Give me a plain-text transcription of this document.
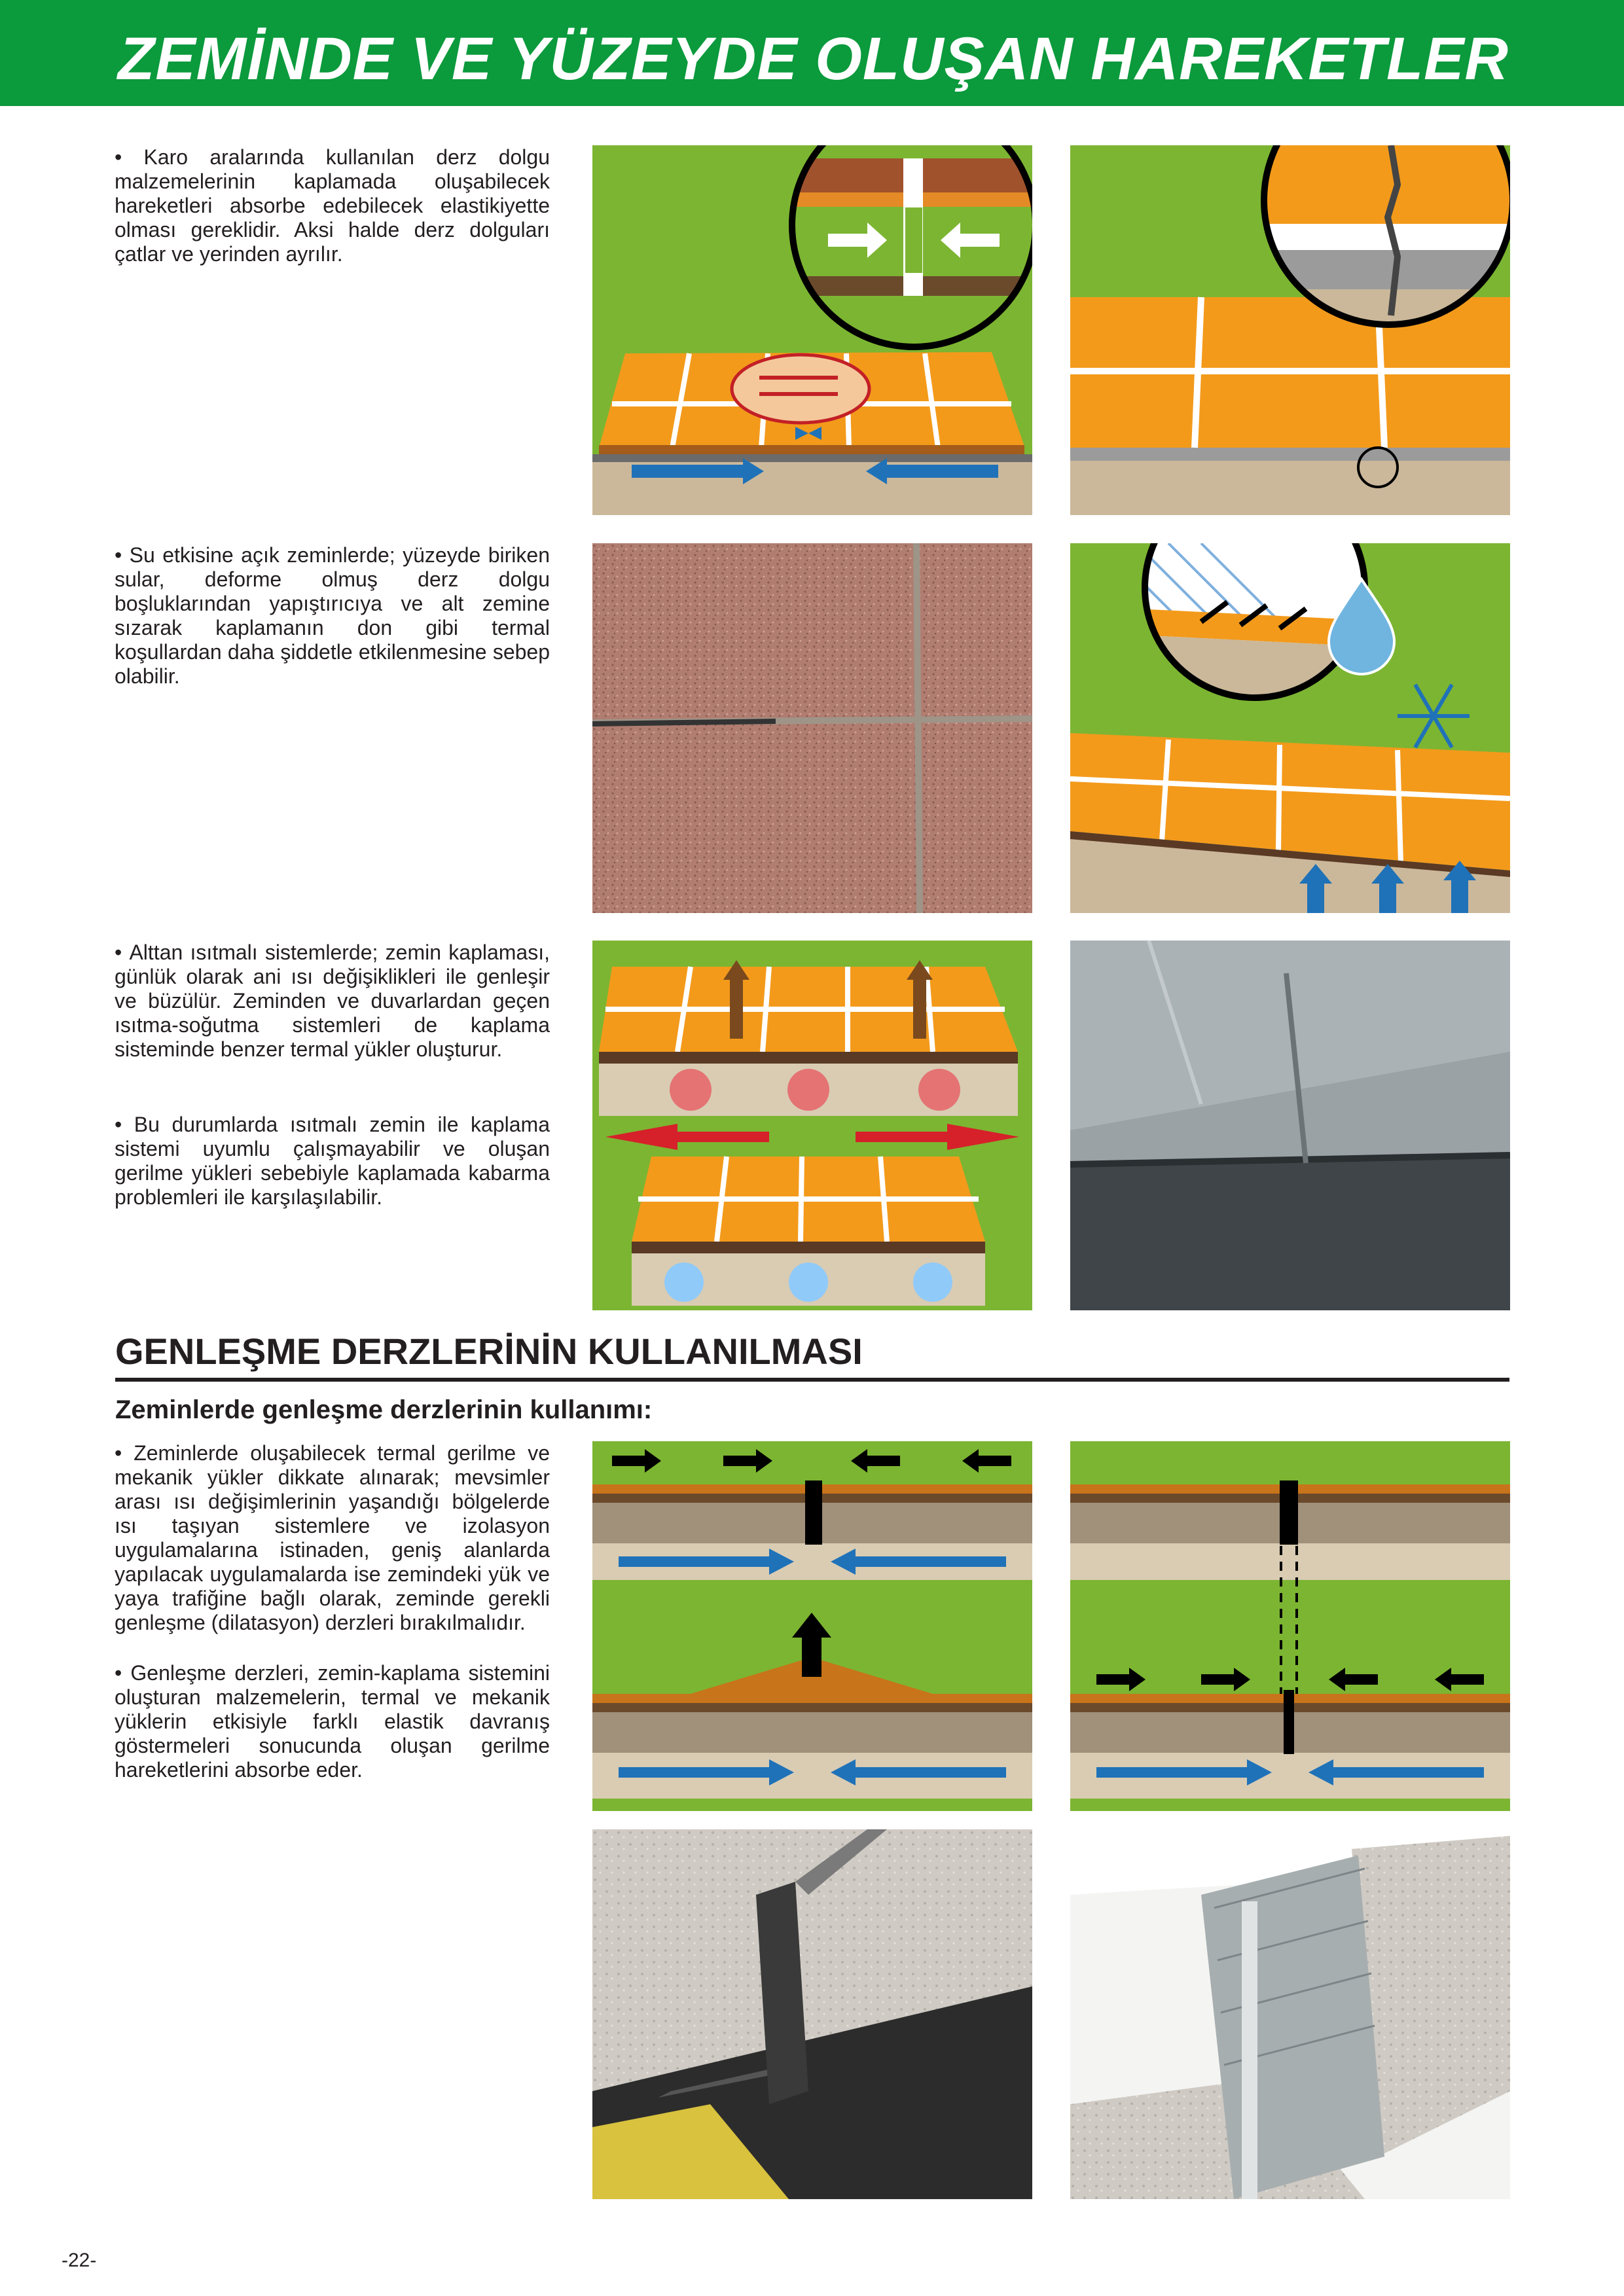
ZEMİNDE VE YÜZEYDE OLUŞAN HAREKETLER

• Karo aralarında kullanılan derz dolgu malzemelerinin kaplamada oluşabilecek hareketleri absorbe edebilecek elastikiyette olması gereklidir. Aksi halde derz dolguları çatlar ve yerinden ayrılır.

• Su etkisine açık zeminlerde; yüzeyde biriken sular, deforme olmuş derz dolgu boşluklarından yapıştırıcıya ve alt zemine sızarak kaplamanın don gibi termal koşullardan daha şiddetle etkilenmesine sebep olabilir.

• Alttan ısıtmalı sistemlerde; zemin kaplaması, günlük olarak ani ısı değişiklikleri ile genleşir ve büzülür. Zeminden ve duvarlardan geçen ısıtma-soğutma sistemleri de kaplama sisteminde benzer termal yükler oluşturur.

• Bu durumlarda ısıtmalı zemin ile kaplama sistemi uyumlu çalışmayabilir ve oluşan gerilme yükleri sebebiyle kaplamada kabarma problemleri ile karşılaşılabilir.

• Zeminlerde oluşabilecek termal gerilme ve mekanik yükler dikkate alınarak; mevsimler arası ısı değişimlerinin yaşandığı bölgelerde ısı taşıyan sistemlere ve izolasyon uygulamalarına istinaden, geniş alanlarda yapılacak uygulamalarda ise zemindeki yük ve yaya trafiğine bağlı olarak, zeminde gerekli genleşme (dilatasyon) derzleri bırakılmalıdır.

• Genleşme derzleri, zemin-kaplama sistemini oluşturan malzemelerin, termal ve mekanik yüklerin etkisiyle farklı elastik davranış göstermeleri sonucunda oluşan gerilme hareketlerini absorbe eder.

GENLEŞME DERZLERİNİN KULLANILMASI
Zeminlerde genleşme derzlerinin kullanımı:
-22-
